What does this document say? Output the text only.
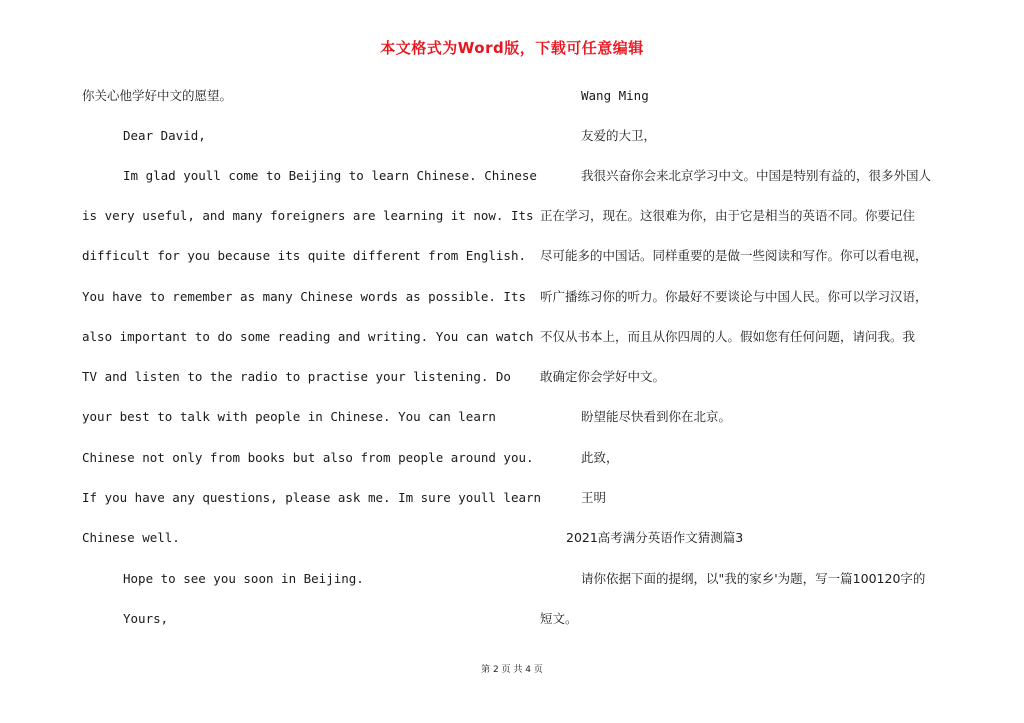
本文格式为Word版，下载可任意编辑
你关心他学好中文的愿望。
Dear David,
Im glad youll come to Beijing to learn Chinese. Chinese
is very useful, and many foreigners are learning it now. Its
difficult for you because its quite different from English.
You have to remember as many Chinese words as possible. Its
also important to do some reading and writing. You can watch
TV and listen to the radio to practise your listening. Do
your best to talk with people in Chinese. You can learn
Chinese not only from books but also from people around you.
If you have any questions, please ask me. Im sure youll learn
Chinese well.
Hope to see you soon in Beijing.
Yours,
Wang Ming
友爱的大卫，
我很兴奋你会来北京学习中文。中国是特别有益的，很多外国人
正在学习，现在。这很难为你，由于它是相当的英语不同。你要记住
尽可能多的中国话。同样重要的是做一些阅读和写作。你可以看电视，
听广播练习你的听力。你最好不要谈论与中国人民。你可以学习汉语，
不仅从书本上，而且从你四周的人。假如您有任何问题，请问我。我
敢确定你会学好中文。
盼望能尽快看到你在北京。
此致，
王明
2021高考满分英语作文猜测篇3
请你依据下面的提纲，以"我的家乡'为题，写一篇100120字的
短文。
第 2 页 共 4 页
